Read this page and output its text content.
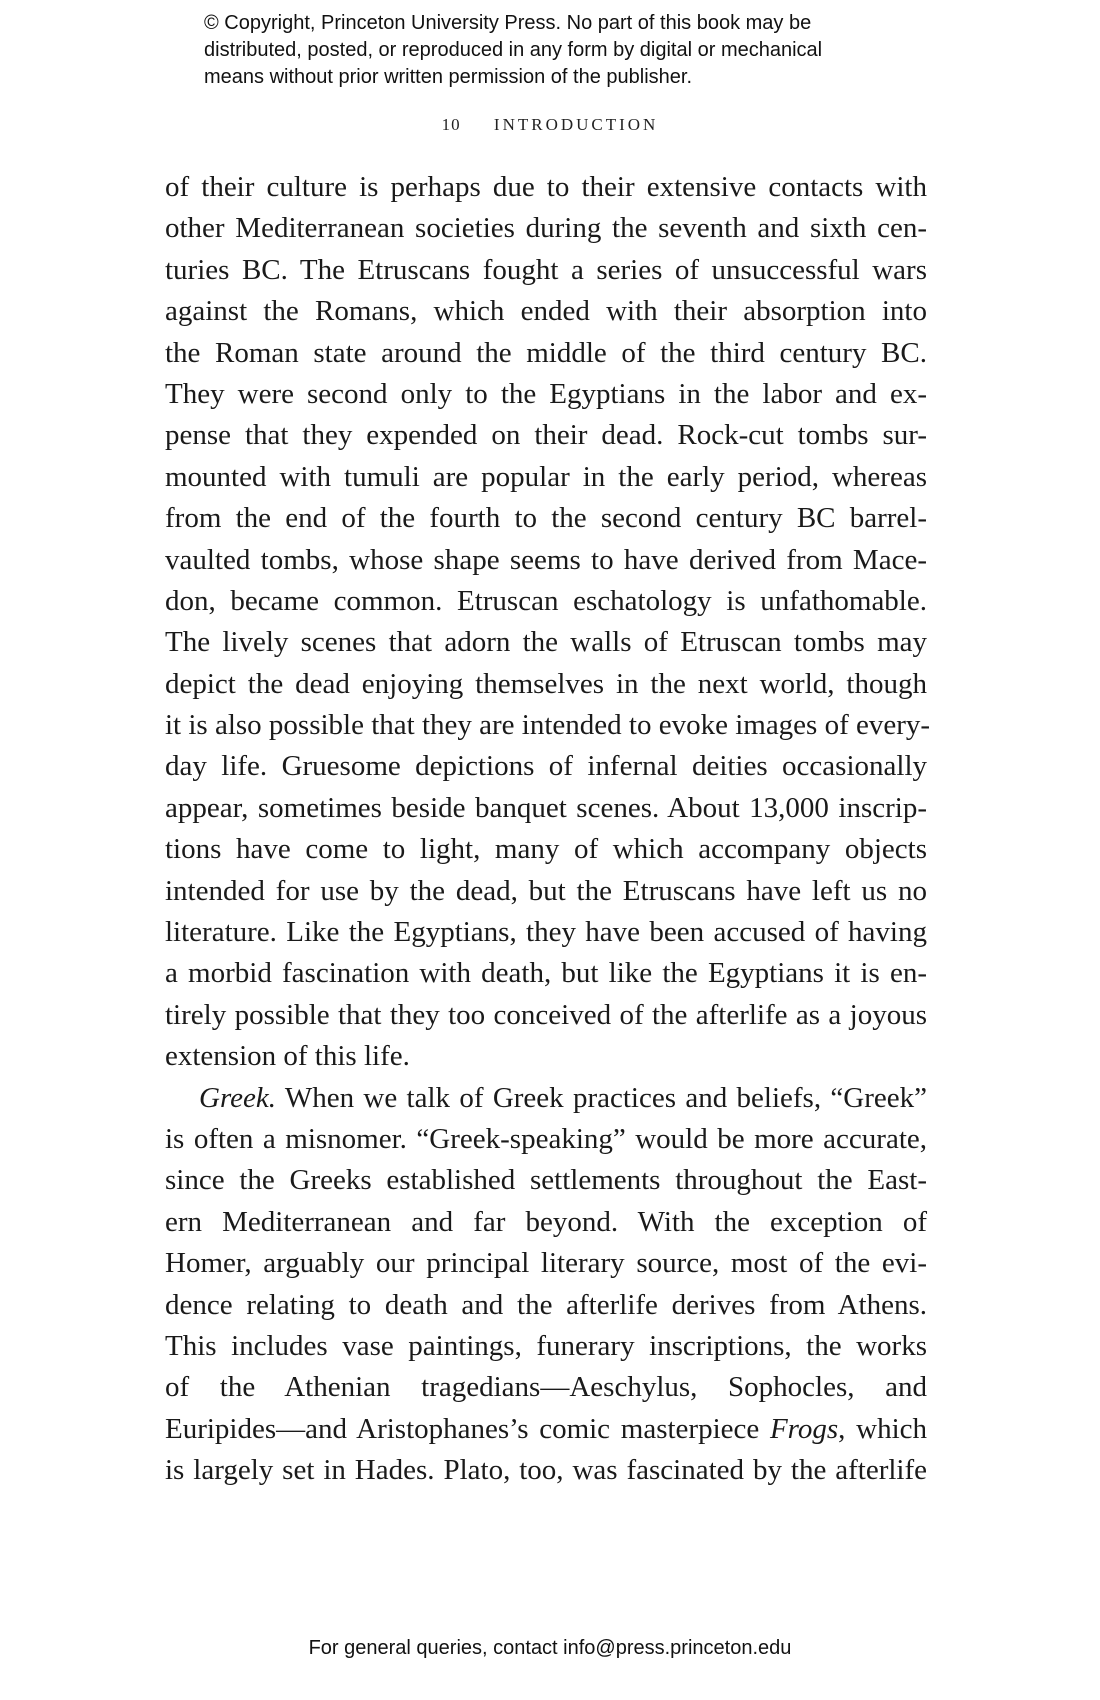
© Copyright, Princeton University Press. No part of this book may be
distributed, posted, or reproduced in any form by digital or mechanical
means without prior written permission of the publisher.
10 INTRODUCTION
of their culture is perhaps due to their extensive contacts with
other Mediterranean societies during the seventh and sixth cen-
turies BC. The Etruscans fought a series of unsuccessful wars
against the Romans, which ended with their absorption into
the Roman state around the middle of the third century BC.
They were second only to the Egyptians in the labor and ex-
pense that they expended on their dead. Rock-cut tombs sur-
mounted with tumuli are popular in the early period, whereas
from the end of the fourth to the second century BC barrel-
vaulted tombs, whose shape seems to have derived from Mace-
don, became common. Etruscan eschatology is unfathomable.
The lively scenes that adorn the walls of Etruscan tombs may
depict the dead enjoying themselves in the next world, though
it is also possible that they are intended to evoke images of every-
day life. Gruesome depictions of infernal deities occasionally
appear, sometimes beside banquet scenes. About 13,000 inscrip-
tions have come to light, many of which accompany objects
intended for use by the dead, but the Etruscans have left us no
literature. Like the Egyptians, they have been accused of having
a morbid fascination with death, but like the Egyptians it is en-
tirely possible that they too conceived of the afterlife as a joyous
extension of this life.
Greek. When we talk of Greek practices and beliefs, “Greek”
is often a misnomer. “Greek-speaking” would be more accurate,
since the Greeks established settlements throughout the East-
ern Mediterranean and far beyond. With the exception of
Homer, arguably our principal literary source, most of the evi-
dence relating to death and the afterlife derives from Athens.
This includes vase paintings, funerary inscriptions, the works
of the Athenian tragedians—Aeschylus, Sophocles, and
Euripides—and Aristophanes’s comic masterpiece Frogs, which
is largely set in Hades. Plato, too, was fascinated by the afterlife
For general queries, contact info@press.princeton.edu
